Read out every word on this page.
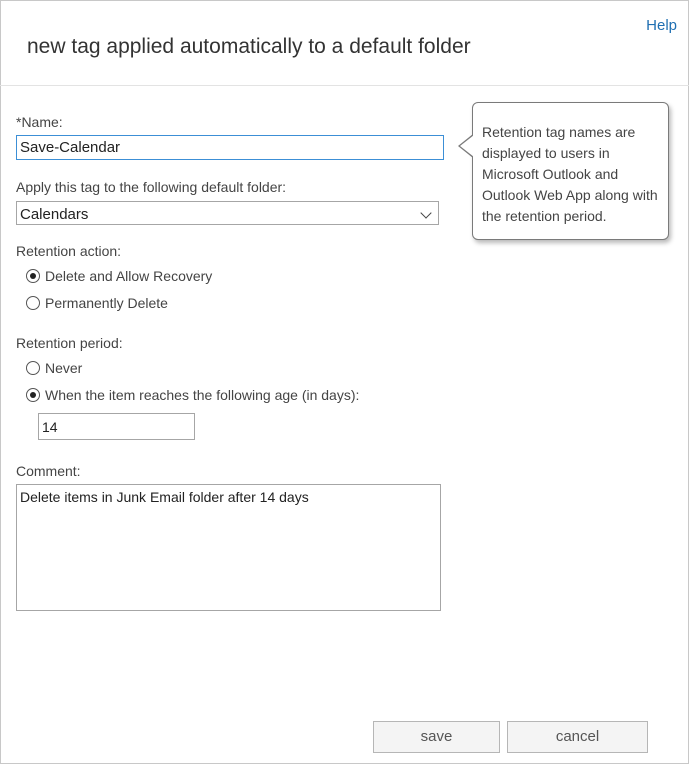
Help
new tag applied automatically to a default folder
*Name:
Save-Calendar
Apply this tag to the following default folder:
Calendars
Retention action:
Delete and Allow Recovery
Permanently Delete
Retention period:
Never
When the item reaches the following age (in days):
14
Comment:
Delete items in Junk Email folder after 14 days
Retention tag names are displayed to users in Microsoft Outlook and Outlook Web App along with the retention period.
save	cancel
